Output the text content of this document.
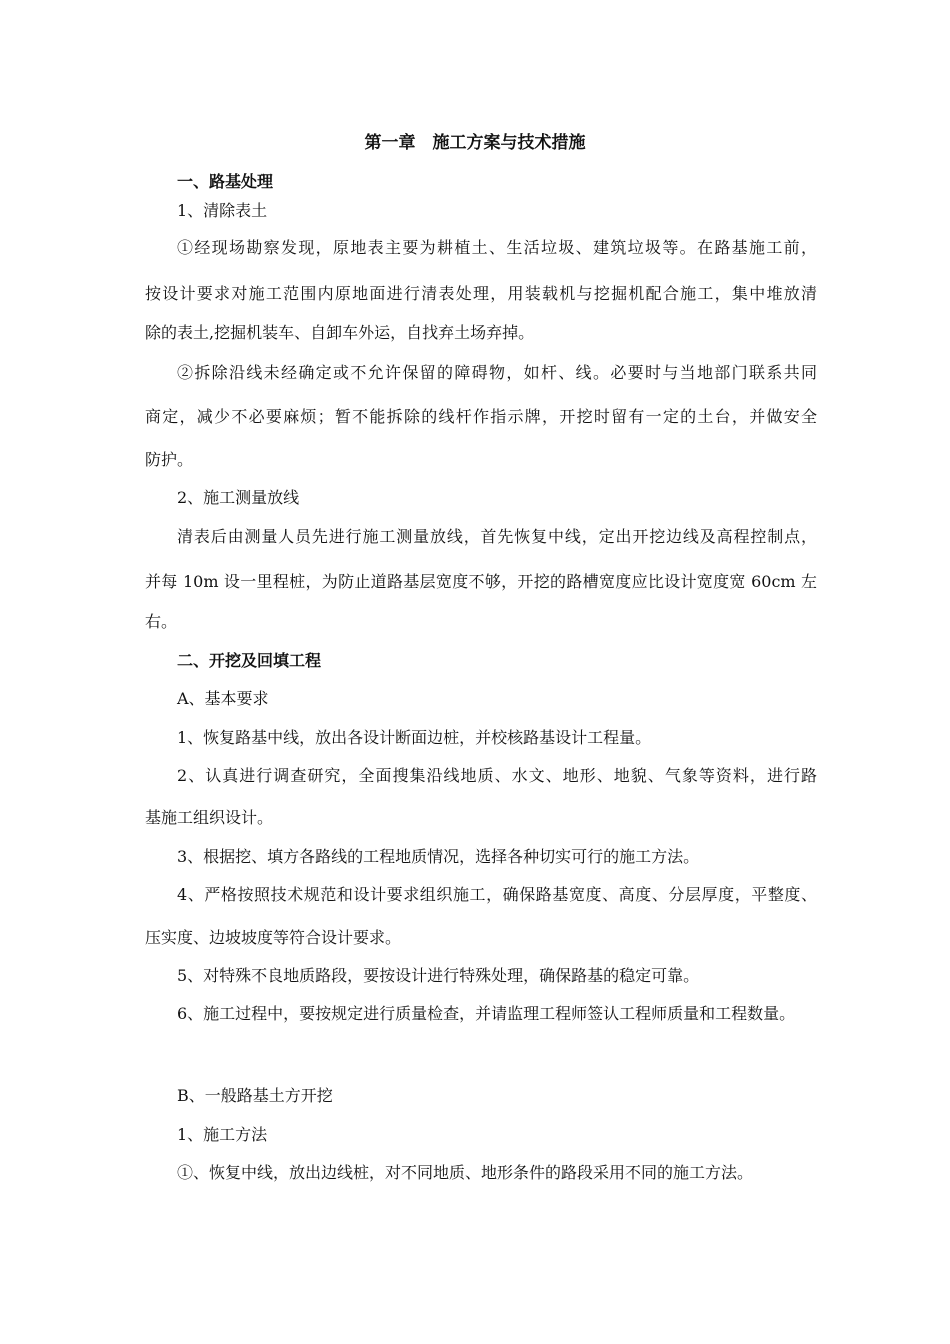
第一章　施工方案与技术措施
一、路基处理
1、清除表土
①经现场勘察发现，原地表主要为耕植土、生活垃圾、建筑垃圾等。在路基施工前，
按设计要求对施工范围内原地面进行清表处理，用装载机与挖掘机配合施工，集中堆放清
除的表土,挖掘机装车、自卸车外运，自找弃土场弃掉。
②拆除沿线未经确定或不允许保留的障碍物，如杆、线。必要时与当地部门联系共同
商定，减少不必要麻烦；暂不能拆除的线杆作指示牌，开挖时留有一定的土台，并做安全
防护。
2、施工测量放线
清表后由测量人员先进行施工测量放线，首先恢复中线，定出开挖边线及高程控制点，
并每 10m 设一里程桩，为防止道路基层宽度不够，开挖的路槽宽度应比设计宽度宽 60cm 左
右。
二、开挖及回填工程
A、基本要求
1、恢复路基中线，放出各设计断面边桩，并校核路基设计工程量。
2、认真进行调查研究，全面搜集沿线地质、水文、地形、地貌、气象等资料，进行路
基施工组织设计。
3、根据挖、填方各路线的工程地质情况，选择各种切实可行的施工方法。
4、严格按照技术规范和设计要求组织施工，确保路基宽度、高度、分层厚度，平整度、
压实度、边坡坡度等符合设计要求。
5、对特殊不良地质路段，要按设计进行特殊处理，确保路基的稳定可靠。
6、施工过程中，要按规定进行质量检查，并请监理工程师签认工程师质量和工程数量。
B、一般路基土方开挖
1、施工方法
①、恢复中线，放出边线桩，对不同地质、地形条件的路段采用不同的施工方法。
